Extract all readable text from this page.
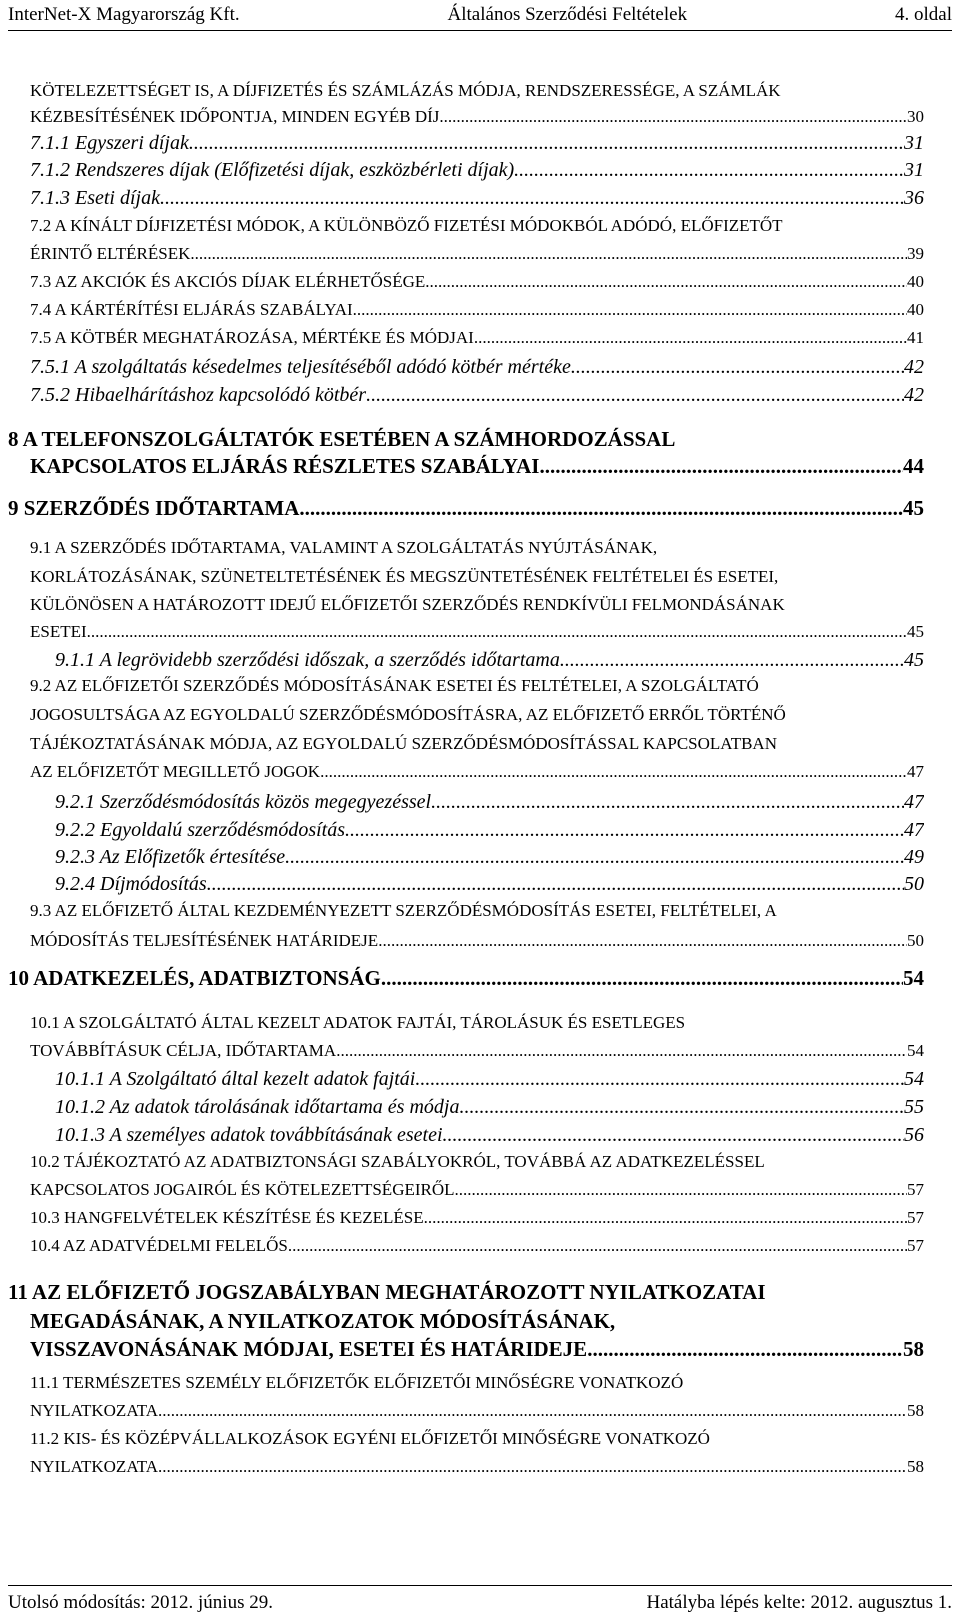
InterNet-X Magyarország Kft.	Általános Szerződési Feltételek	4. oldal
KÖTELEZETTSÉGET IS, A DÍJFIZETÉS ÉS SZÁMLÁZÁS MÓDJA, RENDSZERESSÉGE, A SZÁMLÁK
KÉZBESÍTÉSÉNEK IDŐPONTJA, MINDEN EGYÉB DÍJ .....	30
7.1.1 Egyszeri díjak .....	31
7.1.2 Rendszeres díjak (Előfizetési díjak, eszközbérleti díjak) .....	31
7.1.3 Eseti díjak .....	36
7.2 A KÍNÁLT DÍJFIZETÉSI MÓDOK, A KÜLÖNBÖZŐ FIZETÉSI MÓDOKBÓL ADÓDÓ, ELŐFIZETŐT
ÉRINTŐ ELTÉRÉSEK .....	39
7.3 AZ AKCIÓK ÉS AKCIÓS DÍJAK ELÉRHETŐSÉGE .....	40
7.4 A KÁRTÉRÍTÉSI ELJÁRÁS SZABÁLYAI .....	40
7.5 A KÖTBÉR MEGHATÁROZÁSA, MÉRTÉKE ÉS MÓDJAI .....	41
7.5.1 A szolgáltatás késedelmes teljesítéséből adódó kötbér mértéke .....	42
7.5.2 Hibaelhárításhoz kapcsolódó kötbér .....	42
8 A TELEFONSZOLGÁLTATÓK ESETÉBEN A SZÁMHORDOZÁSSAL
KAPCSOLATOS ELJÁRÁS RÉSZLETES SZABÁLYAI .....	44
9 SZERZŐDÉS IDŐTARTAMA .....	45
9.1 A SZERZŐDÉS IDŐTARTAMA, VALAMINT A SZOLGÁLTATÁS NYÚJTÁSÁNAK,
KORLÁTOZÁSÁNAK, SZÜNETELTETÉSÉNEK ÉS MEGSZÜNTETÉSÉNEK FELTÉTELEI ÉS ESETEI,
KÜLÖNÖSEN A HATÁROZOTT IDEJŰ ELŐFIZETŐI SZERZŐDÉS RENDKÍVÜLI FELMONDÁSÁNAK
ESETEI .....	45
9.1.1 A legrövidebb szerződési időszak, a szerződés időtartama .....	45
9.2 AZ ELŐFIZETŐI SZERZŐDÉS MÓDOSÍTÁSÁNAK ESETEI ÉS FELTÉTELEI, A SZOLGÁLTATÓ
JOGOSULTSÁGA AZ EGYOLDALÚ SZERZŐDÉSMÓDOSÍTÁSRA, AZ ELŐFIZETŐ ERRŐL TÖRTÉNŐ
TÁJÉKOZTATÁSÁNAK MÓDJA, AZ EGYOLDALÚ SZERZŐDÉSMÓDOSÍTÁSSAL KAPCSOLATBAN
AZ ELŐFIZETŐT MEGILLETŐ JOGOK .....	47
9.2.1 Szerződésmódosítás közös megegyezéssel .....	47
9.2.2 Egyoldalú szerződésmódosítás .....	47
9.2.3 Az Előfizetők értesítése .....	49
9.2.4 Díjmódosítás .....	50
9.3 AZ ELŐFIZETŐ ÁLTAL KEZDEMÉNYEZETT SZERZŐDÉSMÓDOSÍTÁS ESETEI, FELTÉTELEI, A
MÓDOSÍTÁS TELJESÍTÉSÉNEK HATÁRIDEJE .....	50
10 ADATKEZELÉS, ADATBIZTONSÁG .....	54
10.1 A SZOLGÁLTATÓ ÁLTAL KEZELT ADATOK FAJTÁI, TÁROLÁSUK ÉS ESETLEGES
TOVÁBBÍTÁSUK CÉLJA, IDŐTARTAMA .....	54
10.1.1 A Szolgáltató által kezelt adatok fajtái .....	54
10.1.2 Az adatok tárolásának időtartama és módja .....	55
10.1.3 A személyes adatok továbbításának esetei .....	56
10.2 TÁJÉKOZTATÓ AZ ADATBIZTONSÁGI SZABÁLYOKRÓL, TOVÁBBÁ AZ ADATKEZELÉSSEL
KAPCSOLATOS JOGAIRÓL ÉS KÖTELEZETTSÉGEIRŐL .....	57
10.3 HANGFELVÉTELEK KÉSZÍTÉSE ÉS KEZELÉSE .....	57
10.4 AZ ADATVÉDELMI FELELŐS .....	57
11 AZ ELŐFIZETŐ JOGSZABÁLYBAN MEGHATÁROZOTT NYILATKOZATAI
MEGADÁSÁNAK, A NYILATKOZATOK MÓDOSÍTÁSÁNAK,
VISSZAVONÁSÁNAK MÓDJAI, ESETEI ÉS HATÁRIDEJE .....	58
11.1 TERMÉSZETES SZEMÉLY ELŐFIZETŐK ELŐFIZETŐI MINŐSÉGRE VONATKOZÓ
NYILATKOZATA .....	58
11.2 KIS- ÉS KÖZÉPVÁLLALKOZÁSOK EGYÉNI ELŐFIZETŐI MINŐSÉGRE VONATKOZÓ
NYILATKOZATA .....	58
Utolsó módosítás: 2012. június 29.	Hatályba lépés kelte: 2012. augusztus 1.
